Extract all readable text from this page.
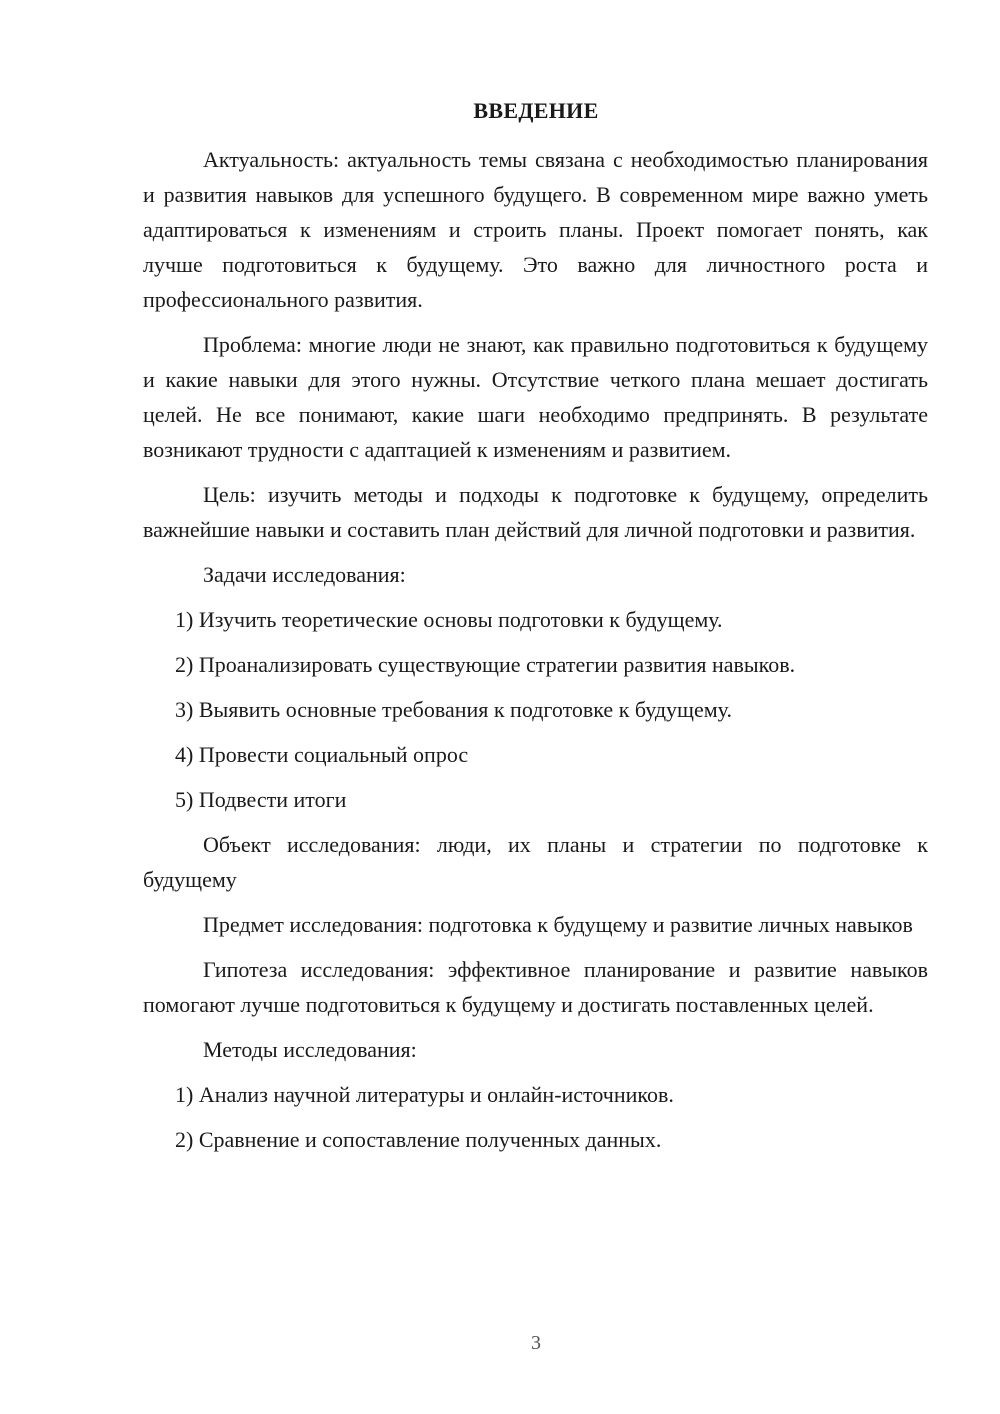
ВВЕДЕНИЕ

Актуальность: актуальность темы связана с необходимостью планирования и развития навыков для успешного будущего. В современном мире важно уметь адаптироваться к изменениям и строить планы. Проект помогает понять, как лучше подготовиться к будущему. Это важно для личностного роста и профессионального развития.

Проблема: многие люди не знают, как правильно подготовиться к будущему и какие навыки для этого нужны. Отсутствие четкого плана мешает достигать целей. Не все понимают, какие шаги необходимо предпринять. В результате возникают трудности с адаптацией к изменениям и развитием.

Цель: изучить методы и подходы к подготовке к будущему, определить важнейшие навыки и составить план действий для личной подготовки и развития.

Задачи исследования:

1) Изучить теоретические основы подготовки к будущему.

2) Проанализировать существующие стратегии развития навыков.

3) Выявить основные требования к подготовке к будущему.

4) Провести социальный опрос

5) Подвести итоги

Объект исследования: люди, их планы и стратегии по подготовке к будущему

Предмет исследования: подготовка к будущему и развитие личных навыков

Гипотеза исследования: эффективное планирование и развитие навыков помогают лучше подготовиться к будущему и достигать поставленных целей.

Методы исследования:

1) Анализ научной литературы и онлайн-источников.

2) Сравнение и сопоставление полученных данных.

3
